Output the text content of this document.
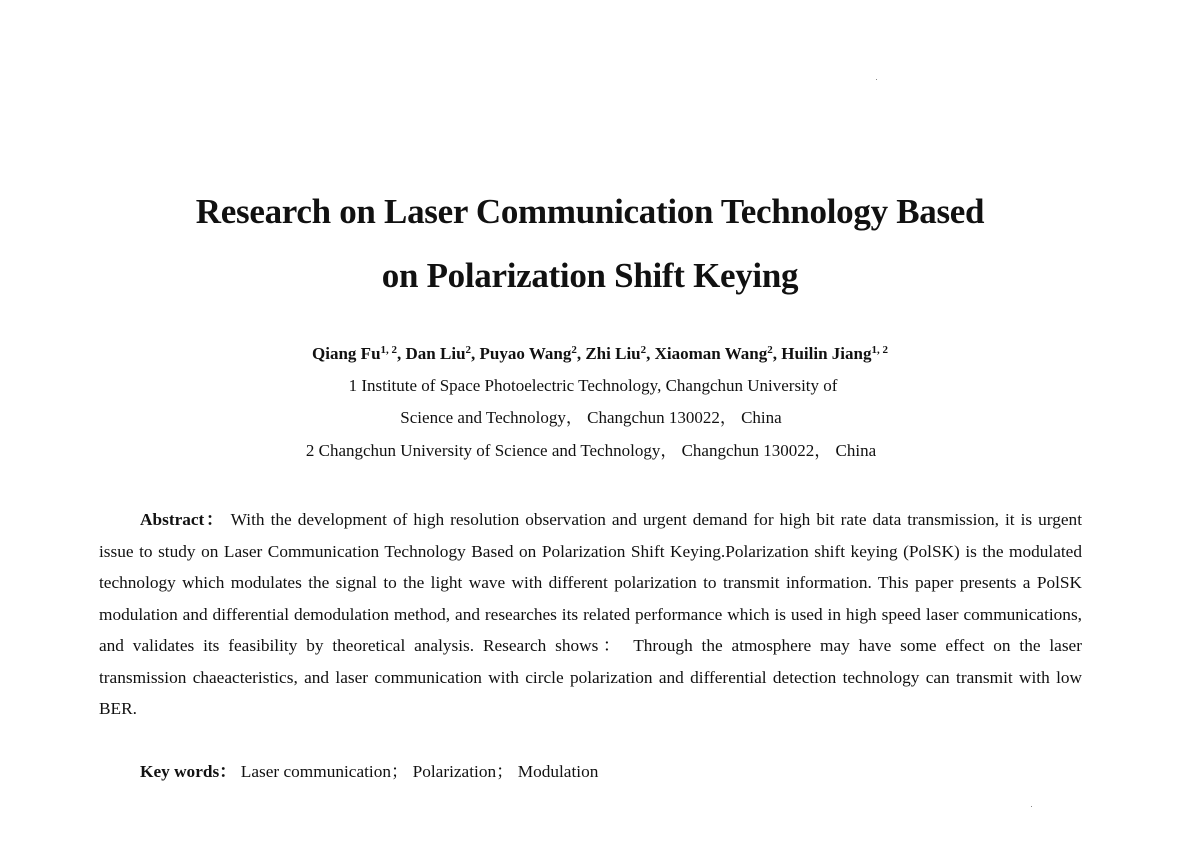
Research on Laser Communication Technology Based
on Polarization Shift Keying
Qiang Fu$^{1, 2}$, Dan Liu$^2$, Puyao Wang$^2$, Zhi Liu$^2$, Xiaoman Wang$^2$, Huilin Jiang$^{1, 2}$
1 Institute of Space Photoelectric Technology, Changchun University of
Science and Technology， Changchun 130022， China
2 Changchun University of Science and Technology， Changchun 130022， China
Abstract： With the development of high resolution observation and urgent demand for high bit rate data transmission, it is urgent issue to study on Laser Communication Technology Based on Polarization Shift Keying.Polarization shift keying (PolSK) is the modulated technology which modulates the signal to the light wave with different polarization to transmit information. This paper presents a PolSK modulation and differential demodulation method, and researches its related performance which is used in high speed laser communications, and validates its feasibility by theoretical analysis. Research shows： Through the atmosphere may have some effect on the laser transmission chaeacteristics, and laser communication with circle polarization and differential detection technology can transmit with low BER.
Key words： Laser communication； Polarization； Modulation
